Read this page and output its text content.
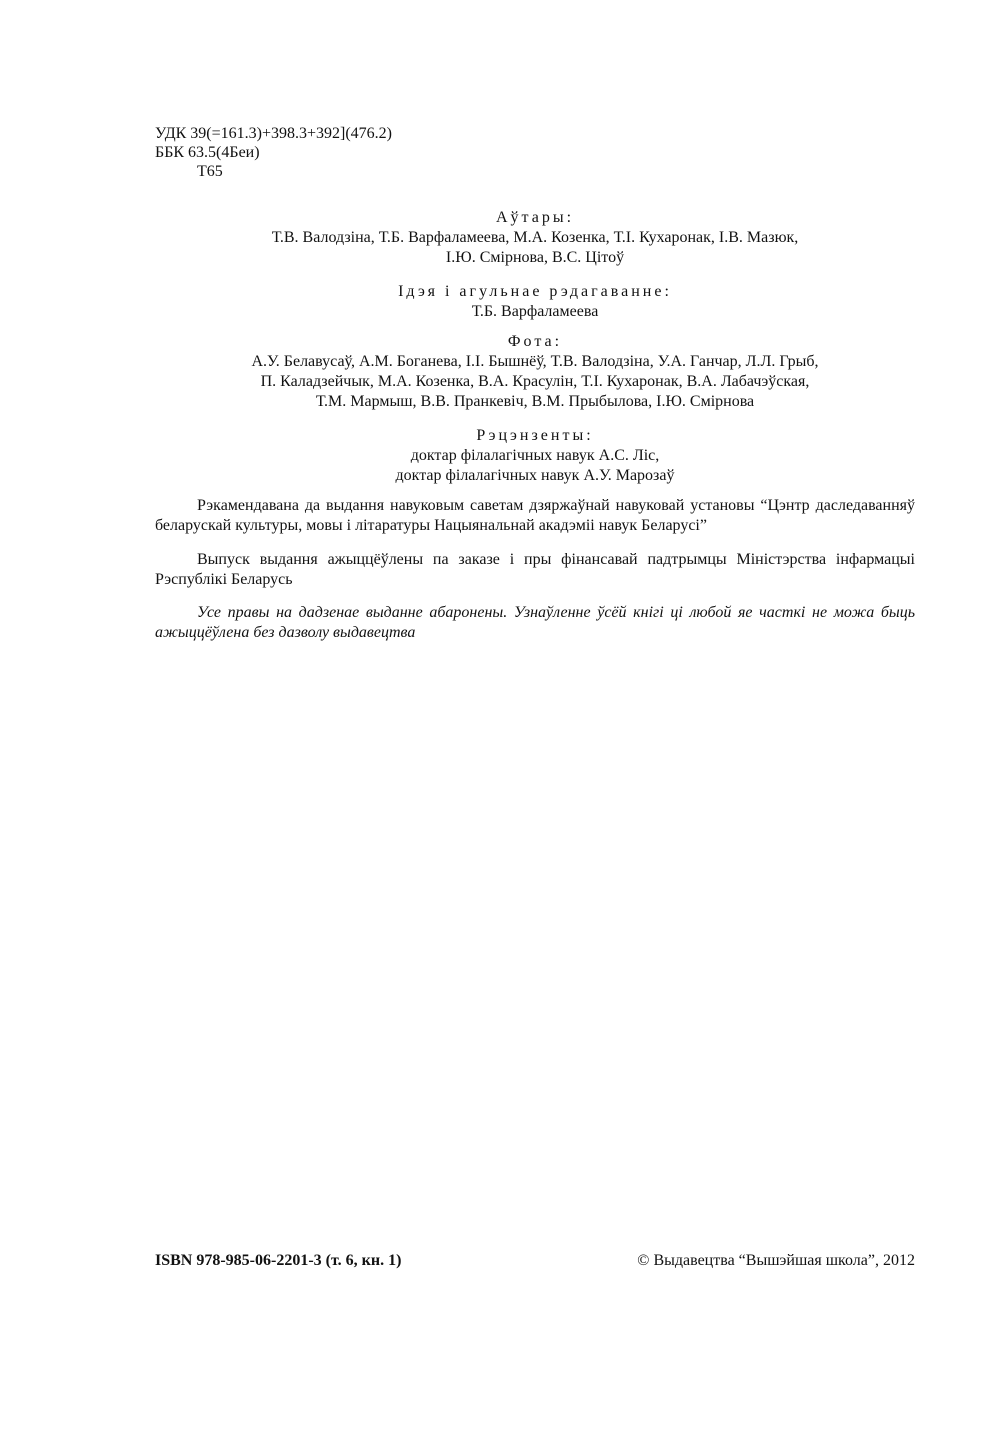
УДК 39(=161.3)+398.3+392](476.2)
ББК 63.5(4Беи)
Т65
Аўтары:
Т.В. Валодзіна, Т.Б. Варфаламеева, М.А. Козенка, Т.І. Кухаронак, І.В. Мазюк,
І.Ю. Смірнова, В.С. Цітоў
Ідэя і агульнае рэдагаванне:
Т.Б. Варфаламеева
Фота:
А.У. Белавусаў, А.М. Боганева, І.І. Бышнёў, Т.В. Валодзіна, У.А. Ганчар, Л.Л. Грыб,
П. Каладзейчык, М.А. Козенка, В.А. Красулін, Т.І. Кухаронак, В.А. Лабачэўская,
Т.М. Мармыш, В.В. Пранкевіч, В.М. Прыбылова, І.Ю. Смірнова
Рэцэнзенты:
доктар філалагічных навук А.С. Ліс,
доктар філалагічных навук А.У. Марозаў
Рэкамендавана да выдання навуковым саветам дзяржаўнай навуковай установы “Цэнтр даследаванняў беларускай культуры, мовы і літаратуры Нацыянальнай акадэміі навук Беларусі”
Выпуск выдання ажыццёўлены па заказе і пры фінансавай падтрымцы Міністэрства інфармацыі Рэспублікі Беларусь
Усе правы на дадзенае выданне абаронены. Узнаўленне ўсёй кнігі ці любой яе часткі не можа быць ажыццёўлена без дазволу выдавецтва
ISBN 978-985-06-2201-3 (т. 6, кн. 1)	© Выдавецтва “Вышэйшая школа”, 2012
